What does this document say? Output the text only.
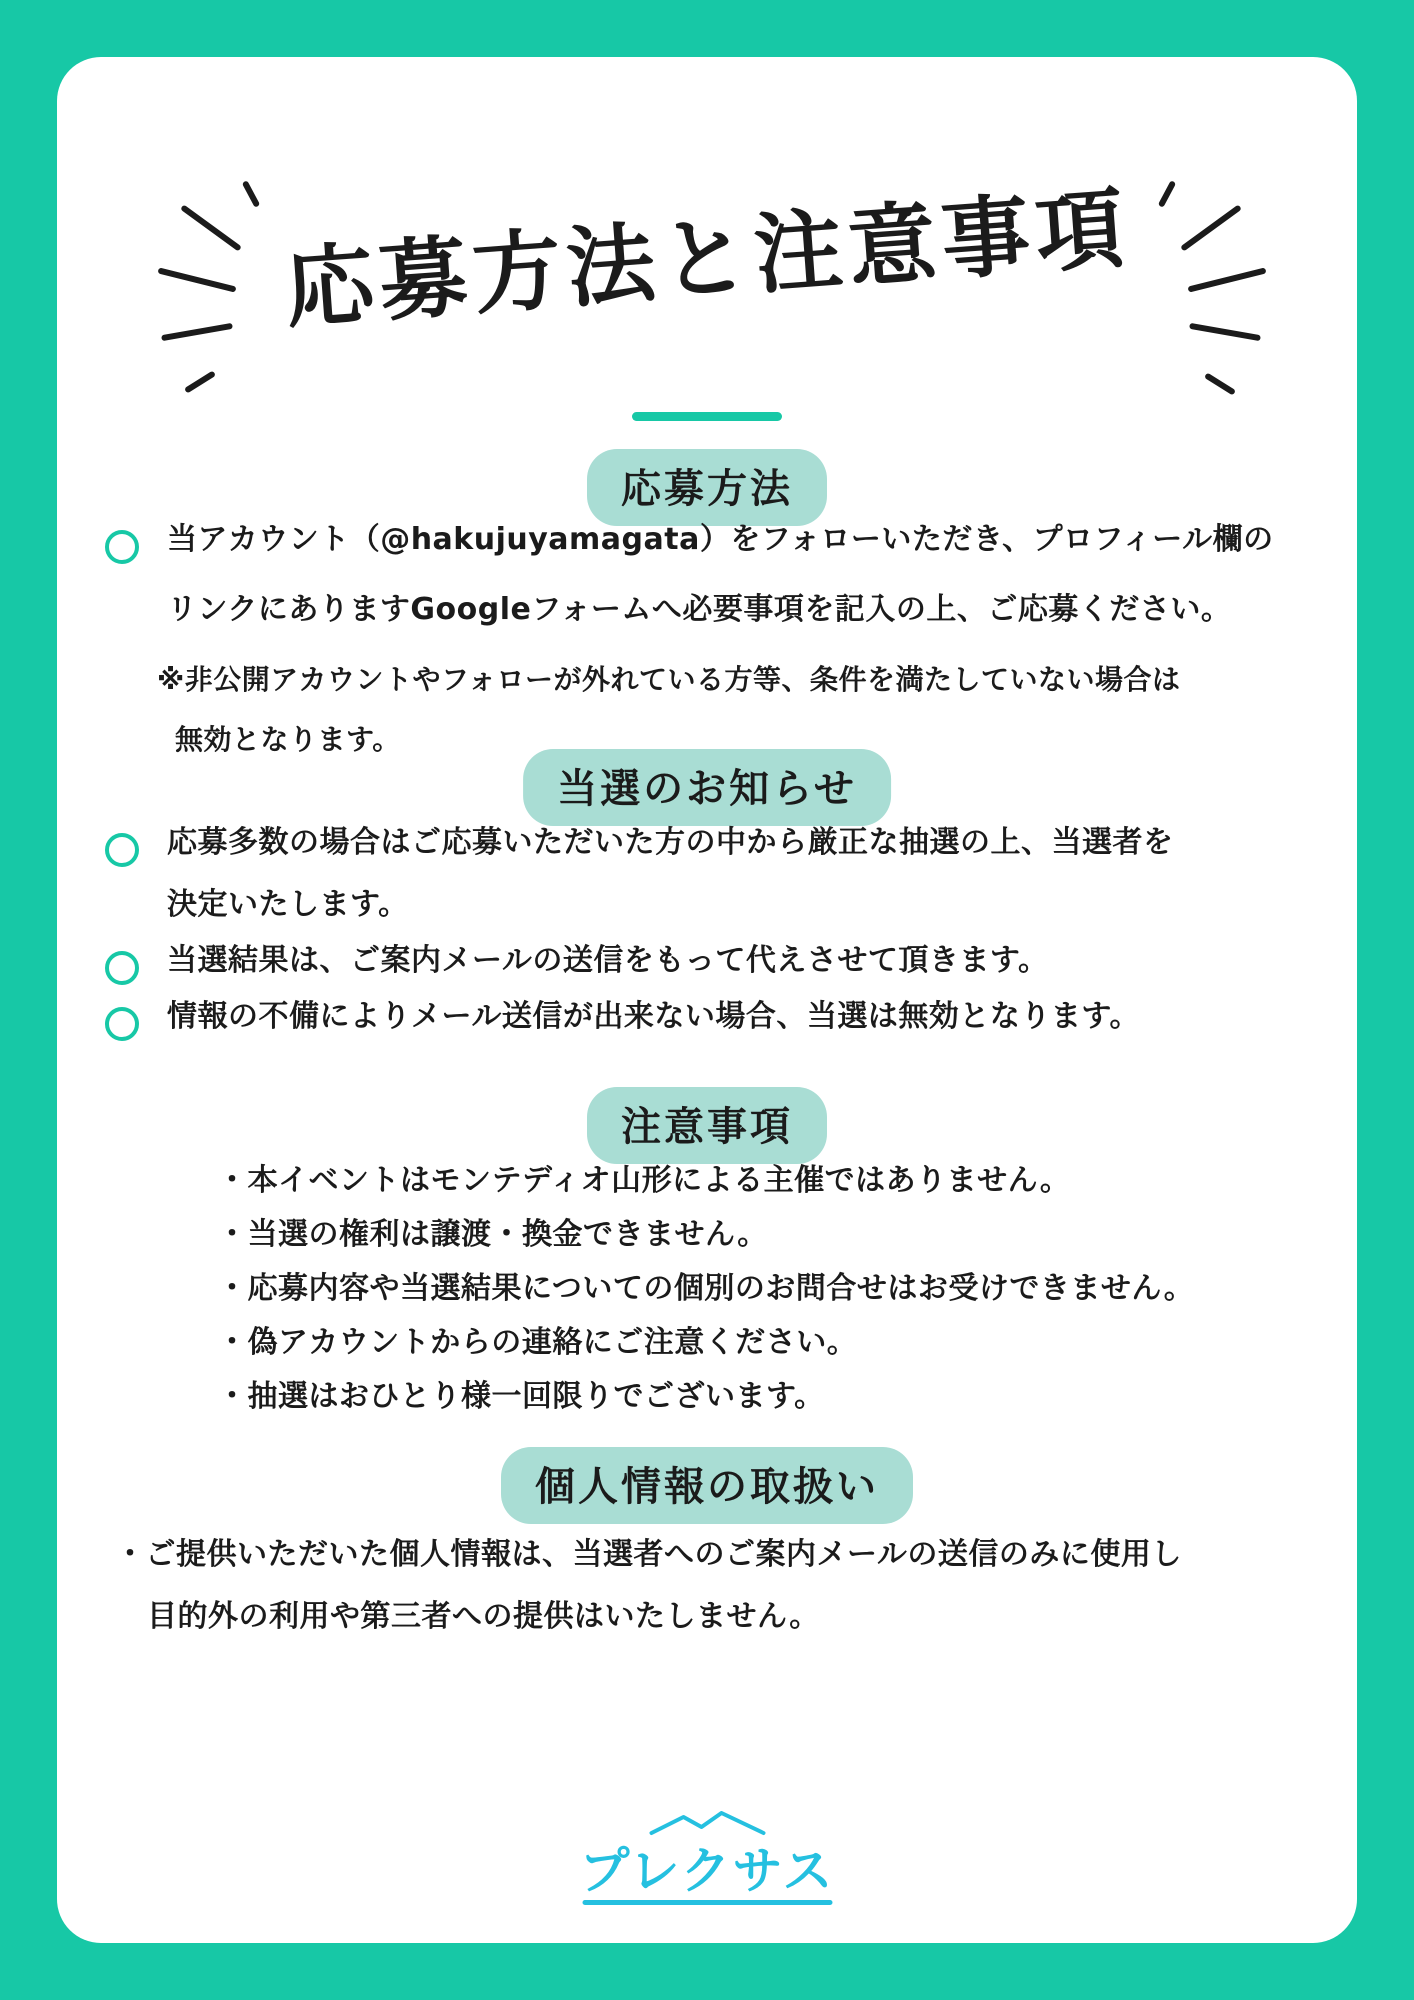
応募方法と注意事項
応募方法
当アカウント（@hakujuyamagata）をフォローいただき、プロフィール欄の
リンクにありますGoogleフォームへ必要事項を記入の上、ご応募ください。
※非公開アカウントやフォローが外れている方等、条件を満たしていない場合は
無効となります。
当選のお知らせ
応募多数の場合はご応募いただいた方の中から厳正な抽選の上、当選者を
決定いたします。
当選結果は、ご案内メールの送信をもって代えさせて頂きます。
情報の不備によりメール送信が出来ない場合、当選は無効となります。
注意事項
・本イベントはモンテディオ山形による主催ではありません。
・当選の権利は譲渡・換金できません。
・応募内容や当選結果についての個別のお問合せはお受けできません。
・偽アカウントからの連絡にご注意ください。
・抽選はおひとり様一回限りでございます。
個人情報の取扱い
・ご提供いただいた個人情報は、当選者へのご案内メールの送信のみに使用し
目的外の利用や第三者への提供はいたしません。
プレクサス
